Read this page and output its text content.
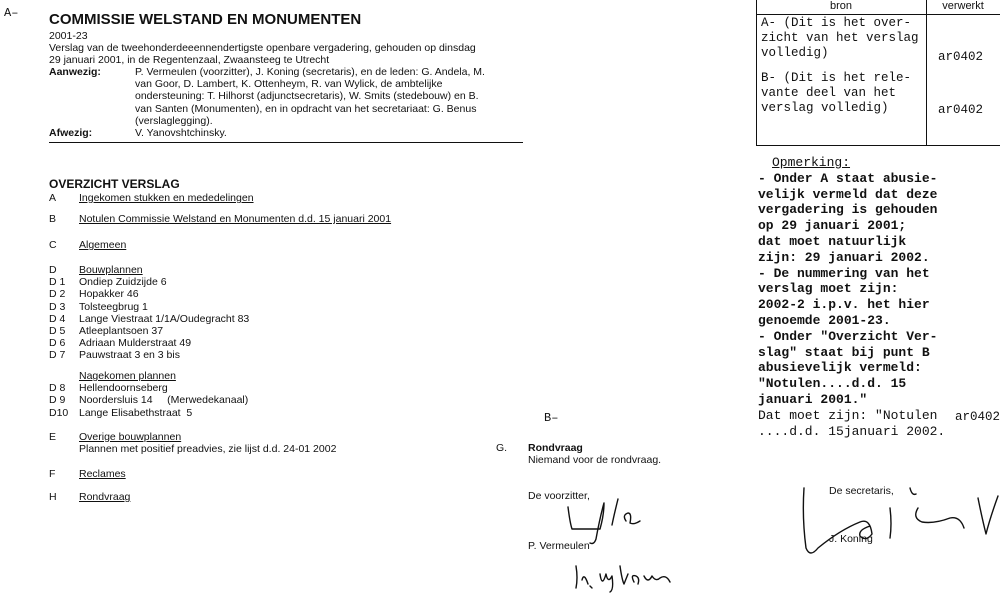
A–
B–
COMMISSIE WELSTAND EN MONUMENTEN
2001-23
Verslag van de tweehonderdeeennendertigste openbare vergadering, gehouden op dinsdag
29 januari 2001, in de Regentenzaal, Zwaansteeg te Utrecht
Aanwezig:	P. Vermeulen (voorzitter), J. Koning (secretaris), en de leden: G. Andela, M.
van Goor, D. Lambert, K. Ottenheym, R. van Wylick, de ambtelijke
ondersteuning: T. Hilhorst (adjunctsecretaris), W. Smits (stedebouw) en B.
van Santen (Monumenten), en in opdracht van het secretariaat: G. Benus
(verslaglegging).
Afwezig:	V. Yanovshtchinsky.
OVERZICHT VERSLAG
A	Ingekomen stukken en mededelingen
B	Notulen Commissie Welstand en Monumenten d.d. 15 januari 2001
C	Algemeen
D	Bouwplannen
D 1	Ondiep Zuidzijde 6
D 2	Hopakker 46
D 3	Tolsteegbrug 1
D 4	Lange Viestraat 1/1A/Oudegracht 83
D 5	Atleeplantsoen 37
D 6	Adriaan Mulderstraat 49
D 7	Pauwstraat 3 en 3 bis
Nagekomen plannen
D 8	Hellendoornseberg
D 9	Noordersluis 14     (Merwedekanaal)
D10	Lange Elisabethstraat  5
E	Overige bouwplannen
Plannen met positief preadvies, zie lijst d.d. 24-01 2002
F	Reclames
H	Rondvraag
G. Rondvraag
Niemand voor de rondvraag.
De voorzitter,
P. Vermeulen
De secretaris,
J. Koning
bron	verwerkt
A- (Dit is het over-
zicht van het verslag
volledig)	ar0402
B- (Dit is het rele-
vante deel van het
verslag volledig)	ar0402
Opmerking:
- Onder A staat abusie-
velijk vermeld dat deze
vergadering is gehouden
op 29 januari 2001;
dat moet natuurlijk
zijn: 29 januari 2002.
- De nummering van het
verslag moet zijn:
2002-2 i.p.v. het hier
genoemde 2001-23.
- Onder "Overzicht Ver-
slag" staat bij punt B
abusievelijk vermeld:
"Notulen....d.d. 15
januari 2001."
Dat moet zijn: "Notulen
....d.d. 15januari 2002.
ar0402
